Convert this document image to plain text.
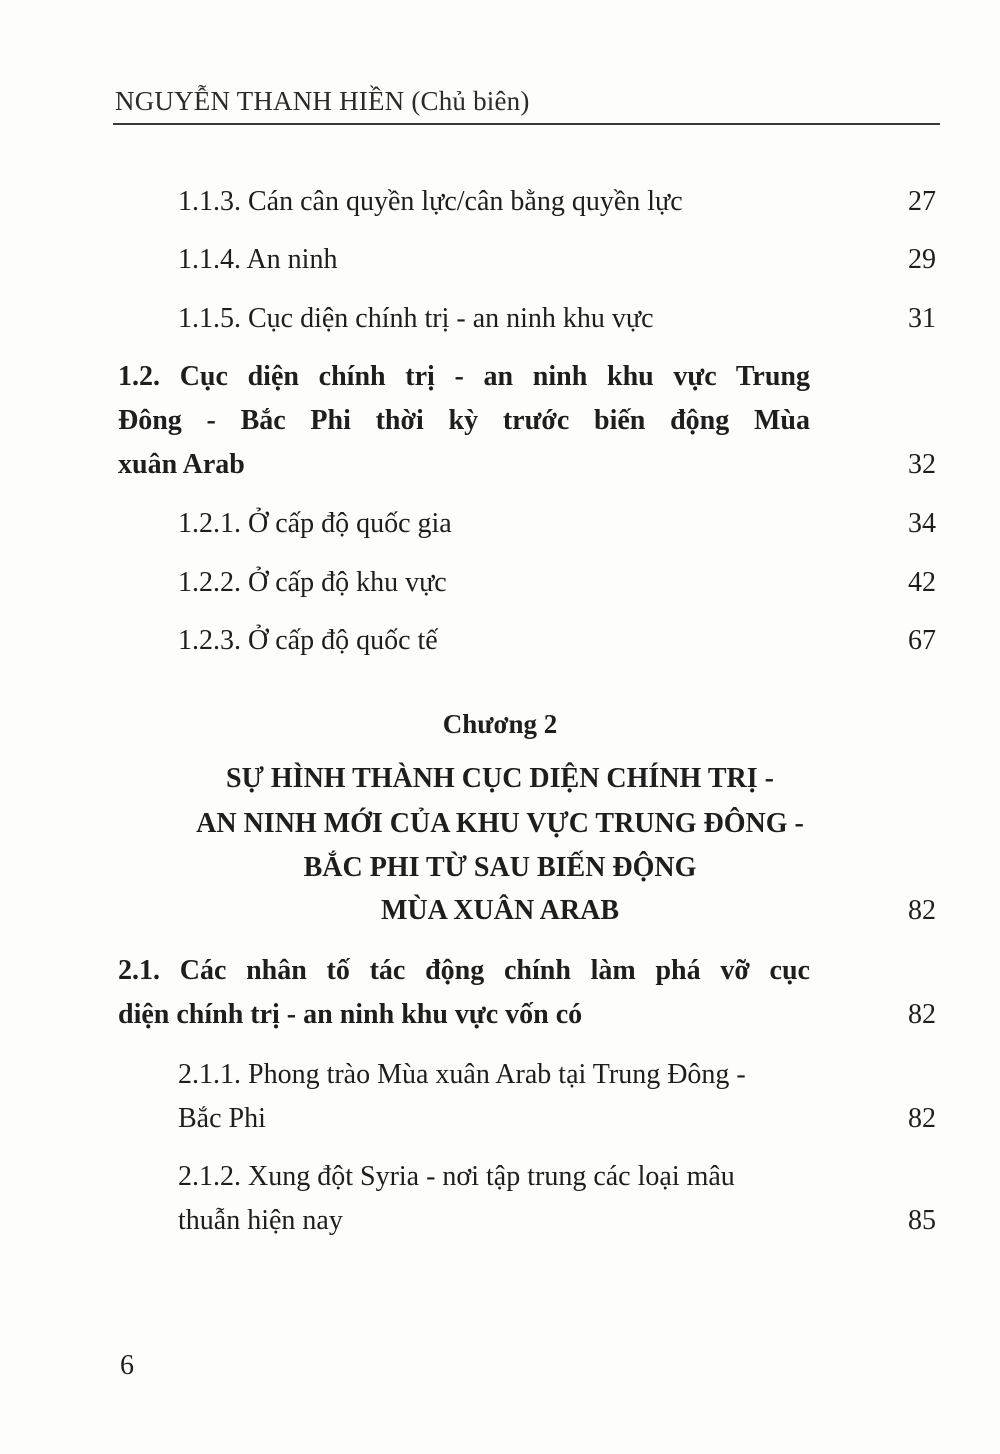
NGUYỄN THANH HIỀN (Chủ biên)
1.1.3. Cán cân quyền lực/cân bằng quyền lực	27
1.1.4. An ninh	29
1.1.5. Cục diện chính trị - an ninh khu vực	31
1.2. Cục diện chính trị - an ninh khu vực Trung
Đông - Bắc Phi thời kỳ trước biến động Mùa
xuân Arab	32
1.2.1. Ở cấp độ quốc gia	34
1.2.2. Ở cấp độ khu vực	42
1.2.3. Ở cấp độ quốc tế	67
Chương 2
SỰ HÌNH THÀNH CỤC DIỆN CHÍNH TRỊ -
AN NINH MỚI CỦA KHU VỰC TRUNG ĐÔNG -
BẮC PHI TỪ SAU BIẾN ĐỘNG
MÙA XUÂN ARAB	82
2.1. Các nhân tố tác động chính làm phá vỡ cục
diện chính trị - an ninh khu vực vốn có	82
2.1.1. Phong trào Mùa xuân Arab tại Trung Đông -
Bắc Phi	82
2.1.2. Xung đột Syria - nơi tập trung các loại mâu
thuẫn hiện nay	85
6
